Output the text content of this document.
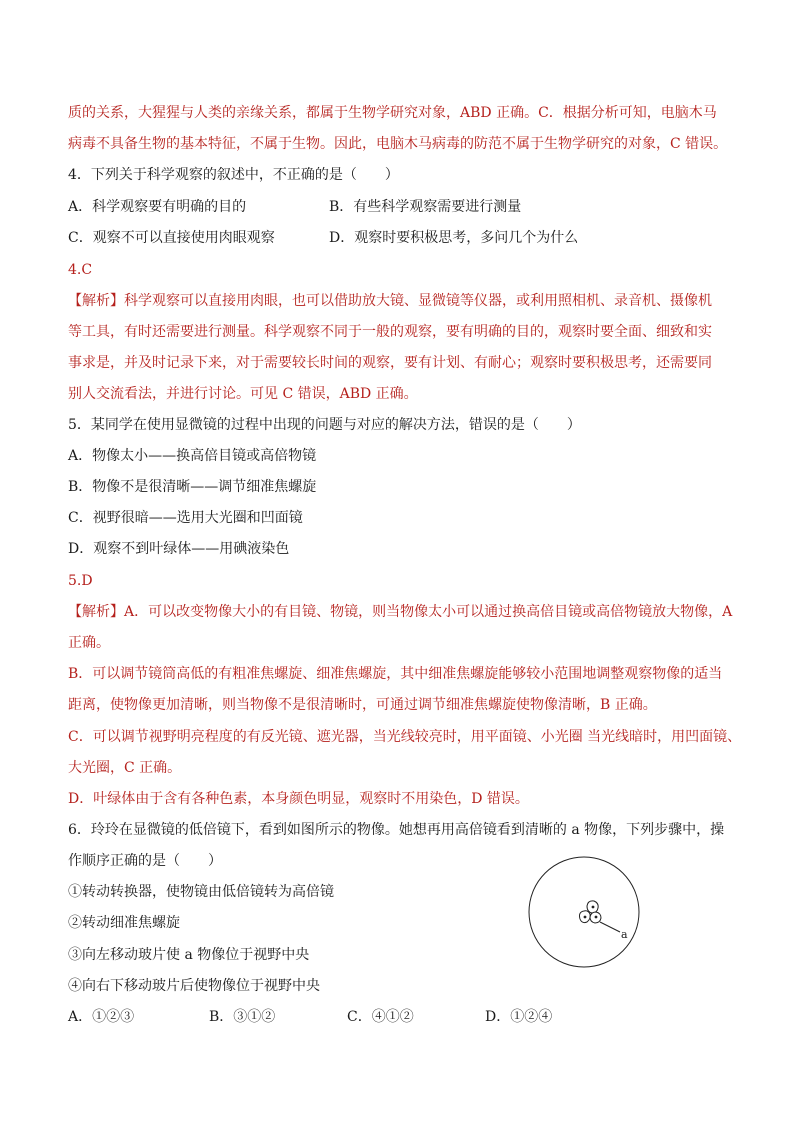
质的关系，大猩猩与人类的亲缘关系，都属于生物学研究对象，ABD 正确。C．根据分析可知，电脑木马
病毒不具备生物的基本特征，不属于生物。因此，电脑木马病毒的防范不属于生物学研究的对象，C 错误。
4．下列关于科学观察的叙述中，不正确的是（　　）
A．科学观察要有明确的目的	B．有些科学观察需要进行测量
C．观察不可以直接使用肉眼观察	D．观察时要积极思考，多问几个为什么
4.C
【解析】科学观察可以直接用肉眼，也可以借助放大镜、显微镜等仪器，或利用照相机、录音机、摄像机
等工具，有时还需要进行测量。科学观察不同于一般的观察，要有明确的目的，观察时要全面、细致和实
事求是，并及时记录下来，对于需要较长时间的观察，要有计划、有耐心；观察时要积极思考，还需要同
别人交流看法，并进行讨论。可见 C 错误，ABD 正确。
5．某同学在使用显微镜的过程中出现的问题与对应的解决方法，错误的是（　　）
A．物像太小——换高倍目镜或高倍物镜
B．物像不是很清晰——调节细准焦螺旋
C．视野很暗——选用大光圈和凹面镜
D．观察不到叶绿体——用碘液染色
5.D
【解析】A．可以改变物像大小的有目镜、物镜，则当物像太小可以通过换高倍目镜或高倍物镜放大物像，A
正确。
B．可以调节镜筒高低的有粗准焦螺旋、细准焦螺旋，其中细准焦螺旋能够较小范围地调整观察物像的适当
距离，使物像更加清晰，则当物像不是很清晰时，可通过调节细准焦螺旋使物像清晰，B 正确。
C．可以调节视野明亮程度的有反光镜、遮光器，当光线较亮时，用平面镜、小光圈 当光线暗时，用凹面镜、
大光圈，C 正确。
D．叶绿体由于含有各种色素，本身颜色明显，观察时不用染色，D 错误。
6．玲玲在显微镜的低倍镜下，看到如图所示的物像。她想再用高倍镜看到清晰的 a 物像，下列步骤中，操
作顺序正确的是（　　）
①转动转换器，使物镜由低倍镜转为高倍镜
②转动细准焦螺旋
③向左移动玻片使 a 物像位于视野中央
④向右下移动玻片后使物像位于视野中央
A．①②③	B．③①②	C．④①②	D．①②④
a
